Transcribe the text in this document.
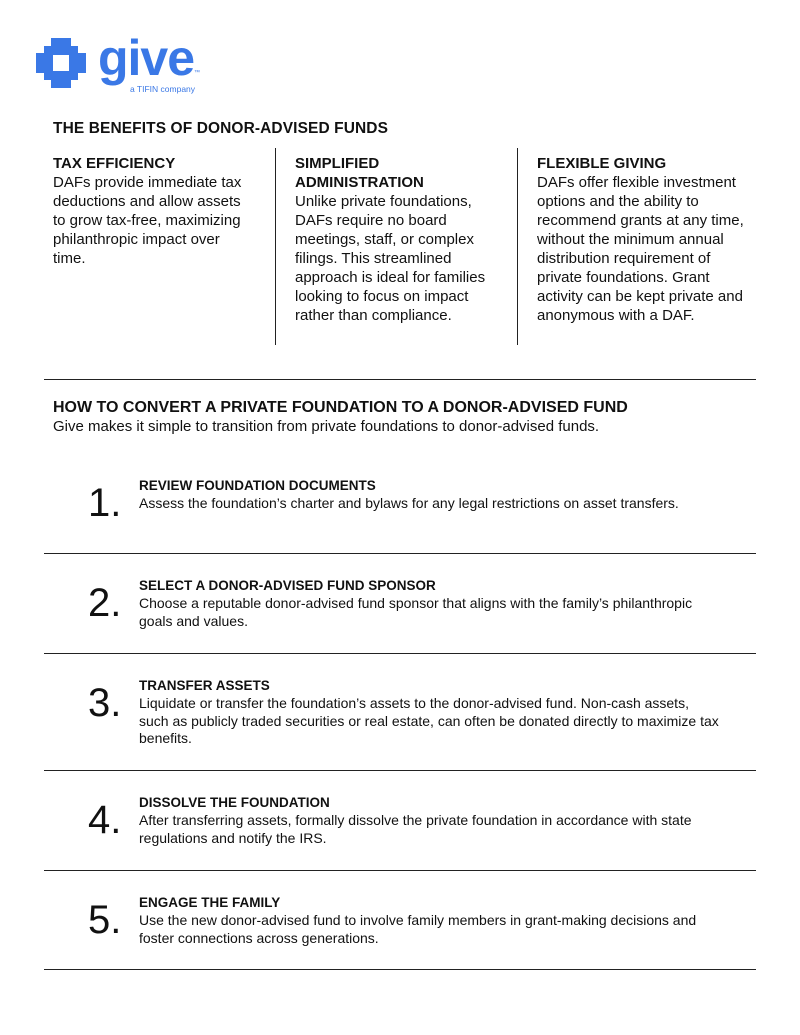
give ™
a TIFIN company
THE BENEFITS OF DONOR-ADVISED FUNDS
TAX EFFICIENCY
DAFs provide immediate tax deductions and allow assets to grow tax-free, maximizing philanthropic impact over time.
SIMPLIFIED ADMINISTRATION
Unlike private foundations, DAFs require no board meetings, staff, or complex filings. This streamlined approach is ideal for families looking to focus on impact rather than compliance.
FLEXIBLE GIVING
DAFs offer flexible investment options and the ability to recommend grants at any time, without the minimum annual distribution requirement of private foundations. Grant activity can be kept private and anonymous with a DAF.
HOW TO CONVERT A PRIVATE FOUNDATION TO A DONOR-ADVISED FUND
Give makes it simple to transition from private foundations to donor-advised funds.
1. REVIEW FOUNDATION DOCUMENTS
Assess the foundation’s charter and bylaws for any legal restrictions on asset transfers.
2. SELECT A DONOR-ADVISED FUND SPONSOR
Choose a reputable donor-advised fund sponsor that aligns with the family’s philanthropic goals and values.
3. TRANSFER ASSETS
Liquidate or transfer the foundation’s assets to the donor-advised fund. Non-cash assets, such as publicly traded securities or real estate, can often be donated directly to maximize tax benefits.
4. DISSOLVE THE FOUNDATION
After transferring assets, formally dissolve the private foundation in accordance with state regulations and notify the IRS.
5. ENGAGE THE FAMILY
Use the new donor-advised fund to involve family members in grant-making decisions and foster connections across generations.
